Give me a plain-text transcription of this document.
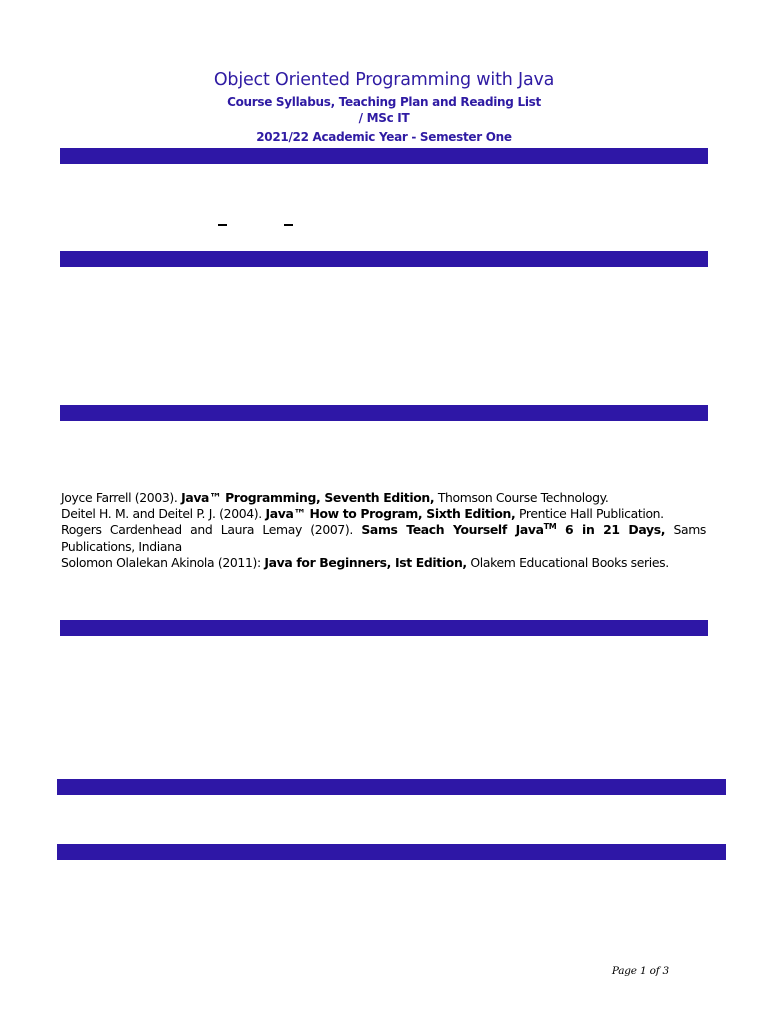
Object Oriented Programming with Java
Course Syllabus, Teaching Plan and Reading List
/ MSc IT
2021/22 Academic Year - Semester One

Joyce Farrell (2003). Java™ Programming, Seventh Edition, Thomson Course Technology.

Deitel H. M. and Deitel P. J. (2004). Java™ How to Program, Sixth Edition, Prentice Hall Publication.

Rogers Cardenhead and Laura Lemay (2007). Sams Teach Yourself Java™ 6 in 21 Days, Sams Publications, Indiana

Solomon Olalekan Akinola (2011): Java for Beginners, Ist Edition, Olakem Educational Books series.

Page 1 of 3
